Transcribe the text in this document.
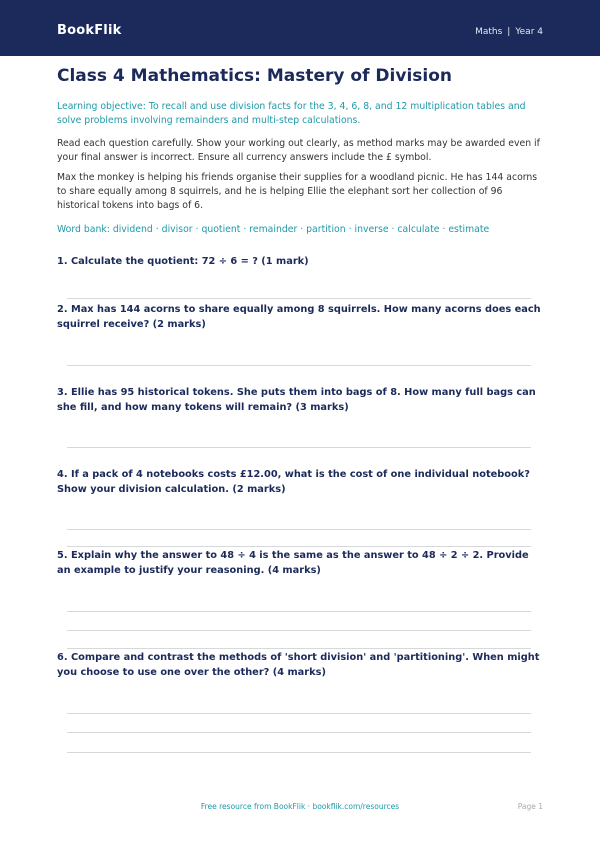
BookFlik	Maths | Year 4
Class 4 Mathematics: Mastery of Division
Learning objective: To recall and use division facts for the 3, 4, 6, 8, and 12 multiplication tables and solve problems involving remainders and multi-step calculations.
Read each question carefully. Show your working out clearly, as method marks may be awarded even if your final answer is incorrect. Ensure all currency answers include the £ symbol.
Max the monkey is helping his friends organise their supplies for a woodland picnic. He has 144 acorns to share equally among 8 squirrels, and he is helping Ellie the elephant sort her collection of 96 historical tokens into bags of 6.
Word bank: dividend · divisor · quotient · remainder · partition · inverse · calculate · estimate
1. Calculate the quotient: 72 ÷ 6 = ? (1 mark)
2. Max has 144 acorns to share equally among 8 squirrels. How many acorns does each squirrel receive? (2 marks)
3. Ellie has 95 historical tokens. She puts them into bags of 8. How many full bags can she fill, and how many tokens will remain? (3 marks)
4. If a pack of 4 notebooks costs £12.00, what is the cost of one individual notebook? Show your division calculation. (2 marks)
5. Explain why the answer to 48 ÷ 4 is the same as the answer to 48 ÷ 2 ÷ 2. Provide an example to justify your reasoning. (4 marks)
6. Compare and contrast the methods of 'short division' and 'partitioning'. When might you choose to use one over the other? (4 marks)
Free resource from BookFlik · bookflik.com/resources	Page 1
